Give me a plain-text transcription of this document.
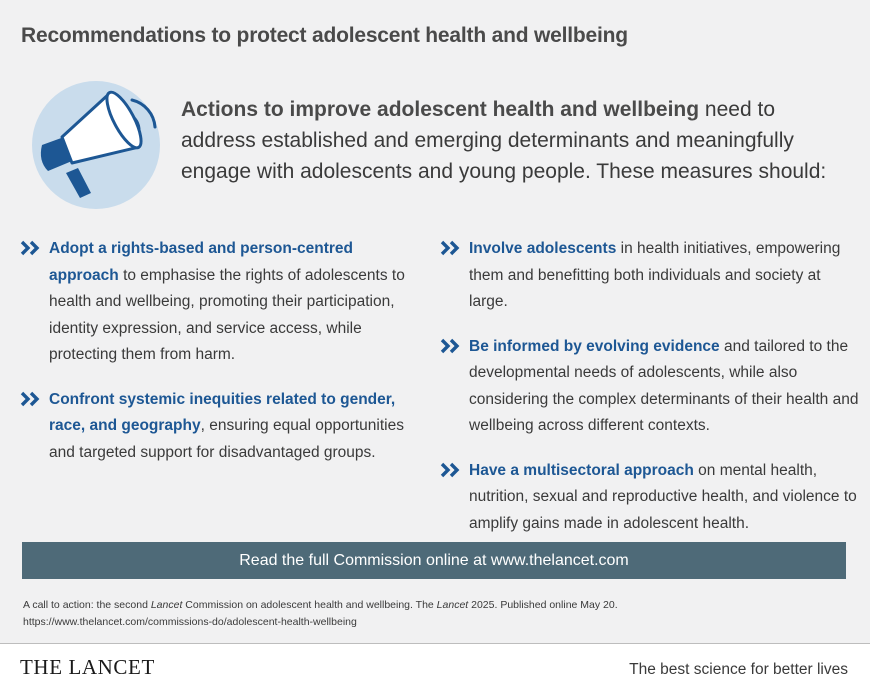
Recommendations to protect adolescent health and wellbeing
Actions to improve adolescent health and wellbeing need to address established and emerging determinants and meaningfully engage with adolescents and young people. These measures should:
Adopt a rights-based and person-centred approach to emphasise the rights of adolescents to health and wellbeing, promoting their participation, identity expression, and service access, while protecting them from harm.
Confront systemic inequities related to gender, race, and geography, ensuring equal opportunities and targeted support for disadvantaged groups.
Involve adolescents in health initiatives, empowering them and benefitting both individuals and society at large.
Be informed by evolving evidence and tailored to the developmental needs of adolescents, while also considering the complex determinants of their health and wellbeing across different contexts.
Have a multisectoral approach on mental health, nutrition, sexual and reproductive health, and violence to amplify gains made in adolescent health.
Read the full Commission online at www.thelancet.com
A call to action: the second Lancet Commission on adolescent health and wellbeing. The Lancet 2025. Published online May 20.
https://www.thelancet.com/commissions-do/adolescent-health-wellbeing
THE LANCET	The best science for better lives
